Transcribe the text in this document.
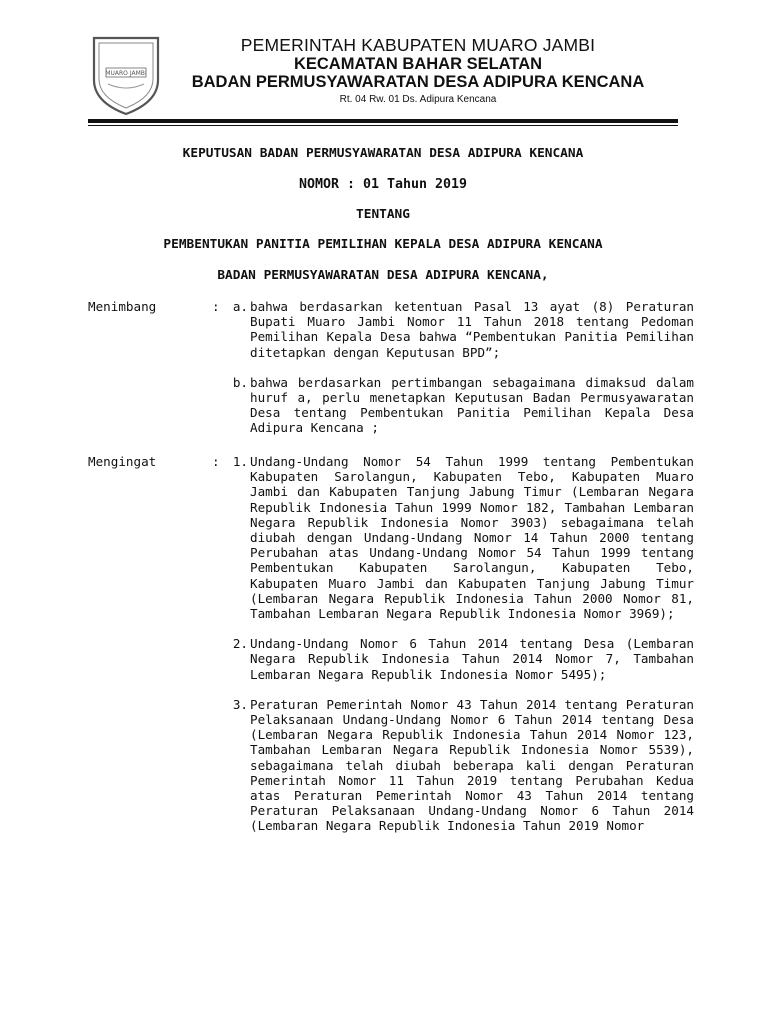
MUARO JAMBI
PEMERINTAH KABUPATEN MUARO JAMBI
KECAMATAN BAHAR SELATAN
BADAN PERMUSYAWARATAN DESA ADIPURA KENCANA
Rt. 04 Rw. 01 Ds. Adipura Kencana
KEPUTUSAN BADAN PERMUSYAWARATAN DESA ADIPURA KENCANA
NOMOR : 01 Tahun 2019
TENTANG
PEMBENTUKAN PANITIA PEMILIHAN KEPALA DESA ADIPURA KENCANA
BADAN PERMUSYAWARATAN DESA ADIPURA KENCANA,
Menimbang	:	a. bahwa berdasarkan ketentuan Pasal 13 ayat (8) Peraturan Bupati Muaro Jambi Nomor 11 Tahun 2018 tentang Pedoman Pemilihan Kepala Desa bahwa “Pembentukan Panitia Pemilihan ditetapkan dengan Keputusan BPD”;

b. bahwa berdasarkan pertimbangan sebagaimana dimaksud dalam huruf a, perlu menetapkan Keputusan Badan Permusyawaratan Desa tentang Pembentukan Panitia Pemilihan Kepala Desa Adipura Kencana ;

Mengingat	:	1. Undang-Undang Nomor 54 Tahun 1999 tentang Pembentukan Kabupaten Sarolangun, Kabupaten Tebo, Kabupaten Muaro Jambi dan Kabupaten Tanjung Jabung Timur (Lembaran Negara Republik Indonesia Tahun 1999 Nomor 182, Tambahan Lembaran Negara Republik Indonesia Nomor 3903) sebagaimana telah diubah dengan Undang-Undang Nomor 14 Tahun 2000 tentang Perubahan atas Undang-Undang Nomor 54 Tahun 1999 tentang Pembentukan Kabupaten Sarolangun, Kabupaten Tebo, Kabupaten Muaro Jambi dan Kabupaten Tanjung Jabung Timur (Lembaran Negara Republik Indonesia Tahun 2000 Nomor 81, Tambahan Lembaran Negara Republik Indonesia Nomor 3969);

2. Undang-Undang Nomor 6 Tahun 2014 tentang Desa (Lembaran Negara Republik Indonesia Tahun 2014 Nomor 7, Tambahan Lembaran Negara Republik Indonesia Nomor 5495);

3. Peraturan Pemerintah Nomor 43 Tahun 2014 tentang Peraturan Pelaksanaan Undang-Undang Nomor 6 Tahun 2014 tentang Desa (Lembaran Negara Republik Indonesia Tahun 2014 Nomor 123, Tambahan Lembaran Negara Republik Indonesia Nomor 5539), sebagaimana telah diubah beberapa kali dengan Peraturan Pemerintah Nomor 11 Tahun 2019 tentang Perubahan Kedua atas Peraturan Pemerintah Nomor 43 Tahun 2014 tentang Peraturan Pelaksanaan Undang-Undang Nomor 6 Tahun 2014 (Lembaran Negara Republik Indonesia Tahun 2019 Nomor
